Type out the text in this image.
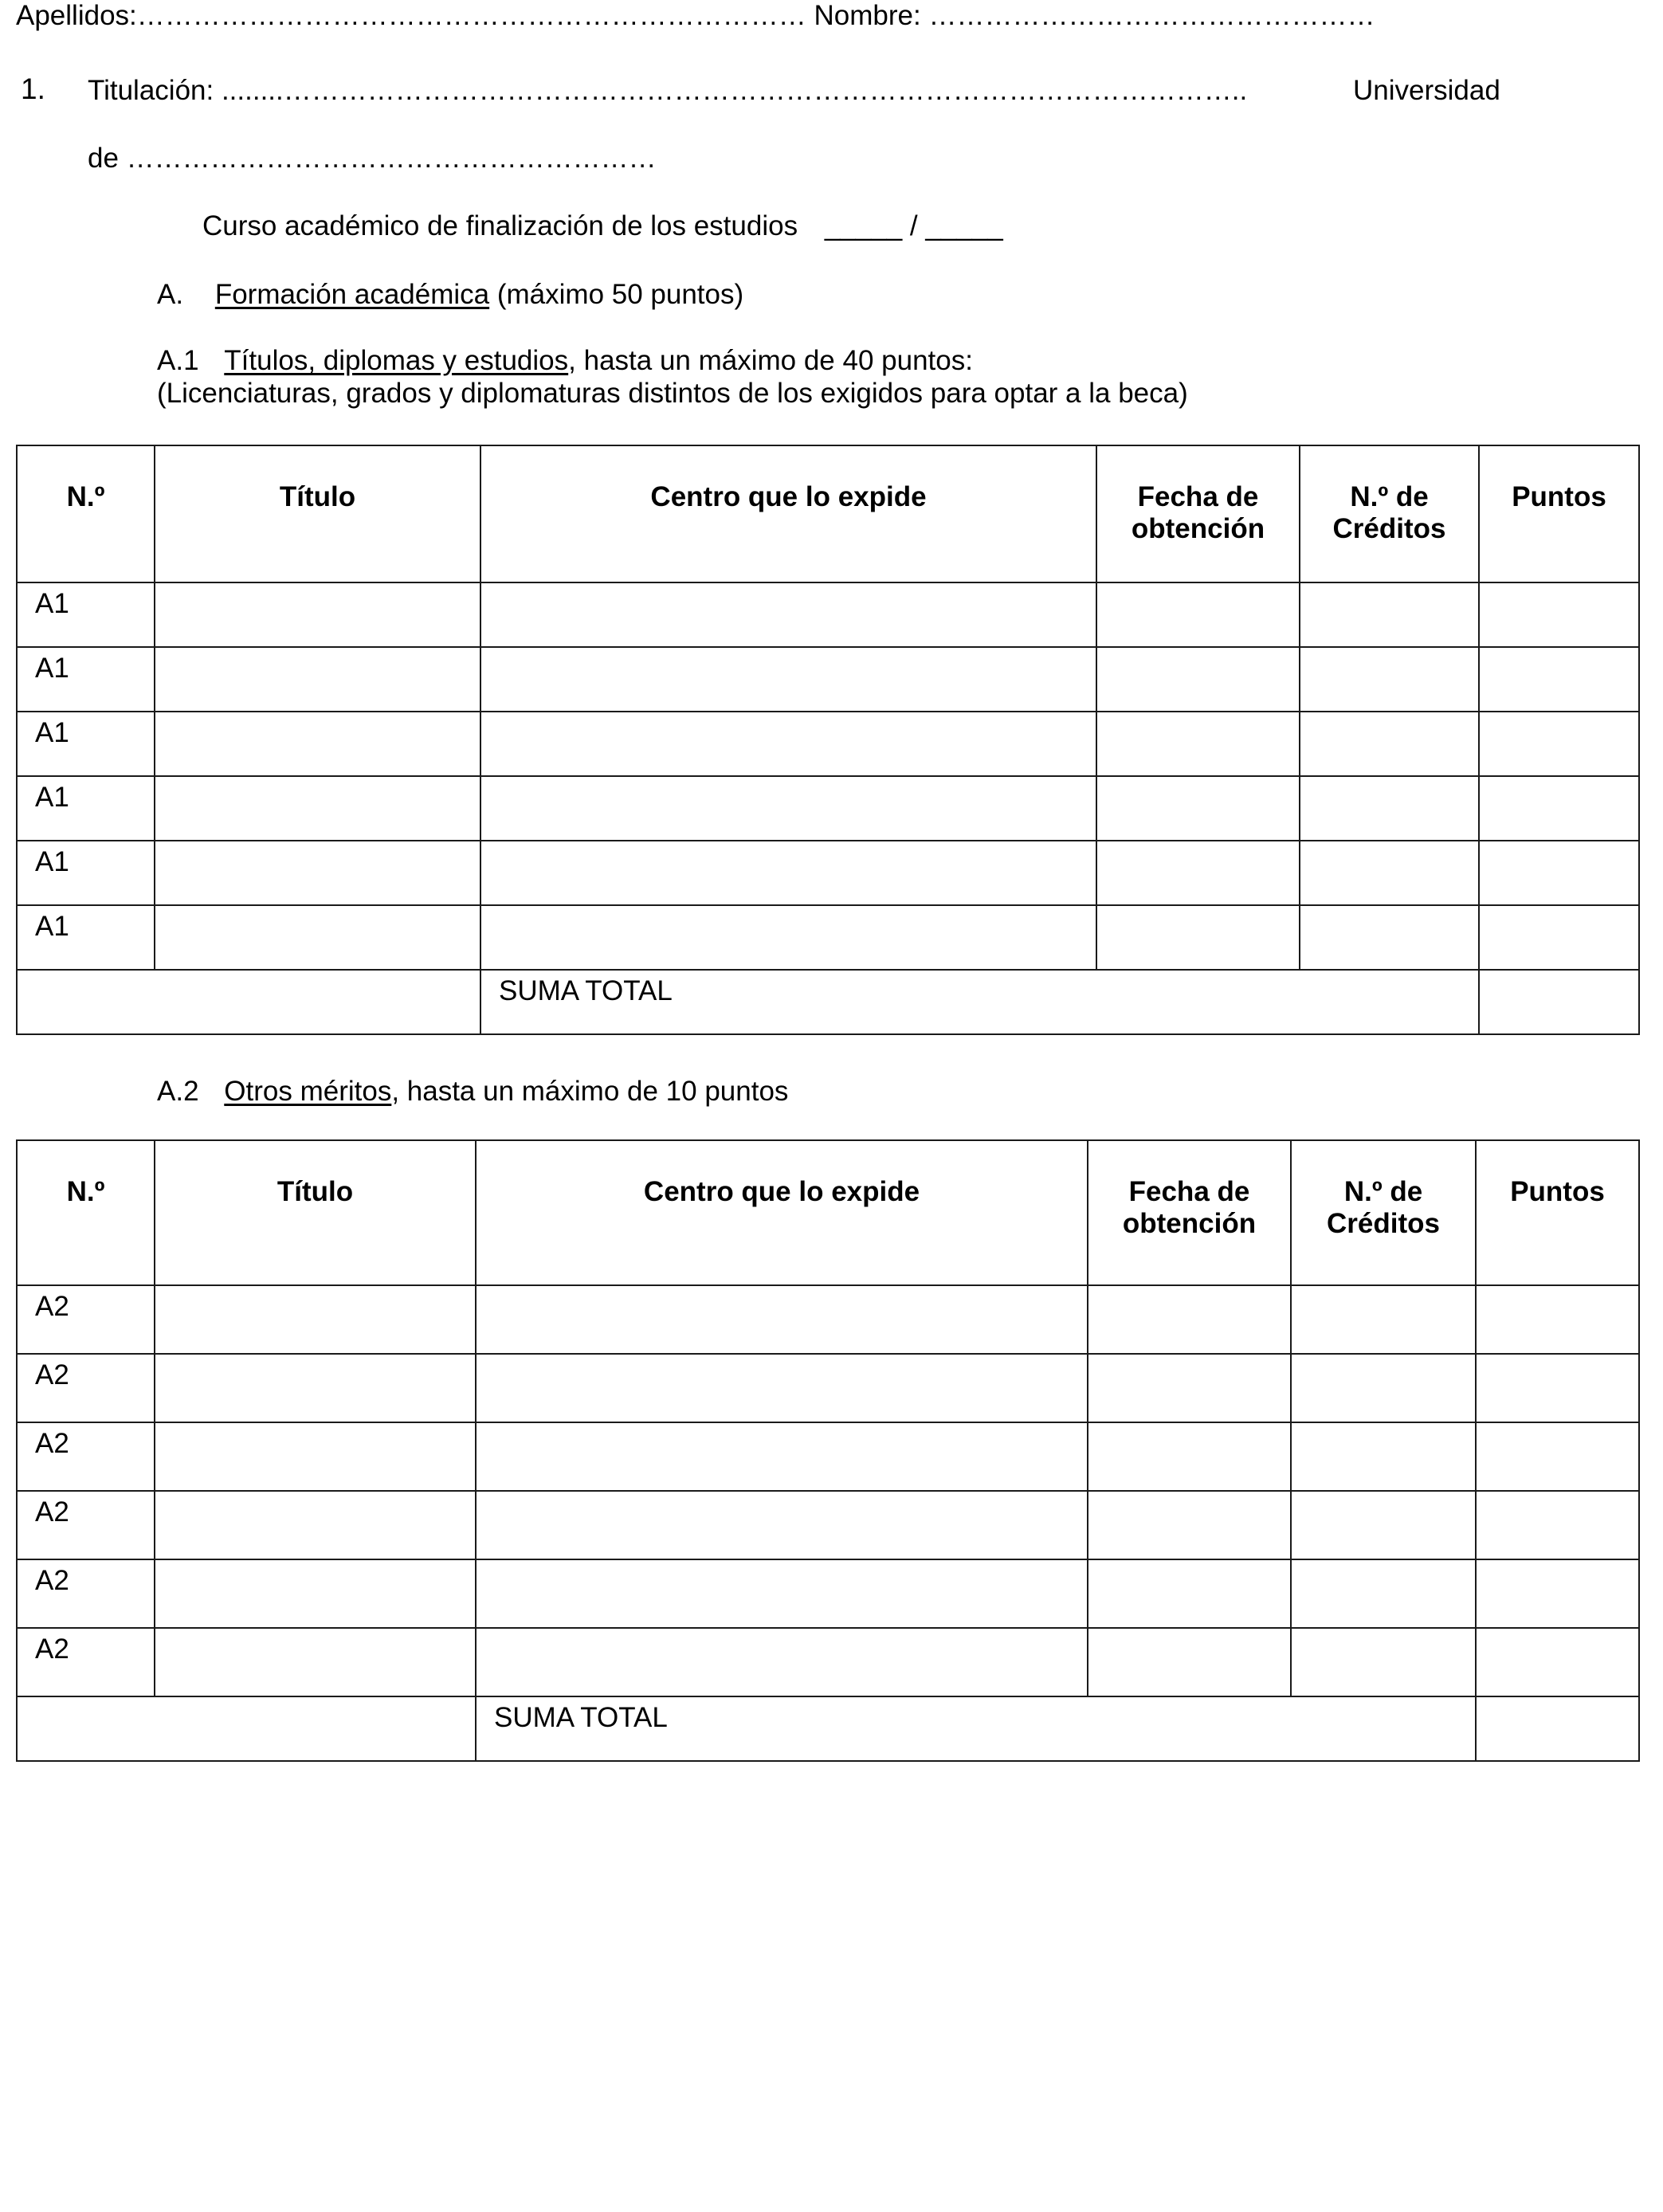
Apellidos:……………………………………………………………… Nombre: …………………………………………
1. Titulación: ........…………………………………………………………………………………………..	Universidad
de …………………………………………………
Curso académico de finalización de los estudios _____ / _____
A. Formación académica (máximo 50 puntos)
A.1 Títulos, diplomas y estudios, hasta un máximo de 40 puntos:
(Licenciaturas, grados y diplomaturas distintos de los exigidos para optar a la beca)
N.º	Título	Centro que lo expide	Fecha de obtención	N.º de Créditos	Puntos
A1					
A1					
A1					
A1					
A1					
A1					
		SUMA TOTAL			
A.2 Otros méritos, hasta un máximo de 10 puntos
N.º	Título	Centro que lo expide	Fecha de obtención	N.º de Créditos	Puntos
A2					
A2					
A2					
A2					
A2					
A2					
		SUMA TOTAL			
